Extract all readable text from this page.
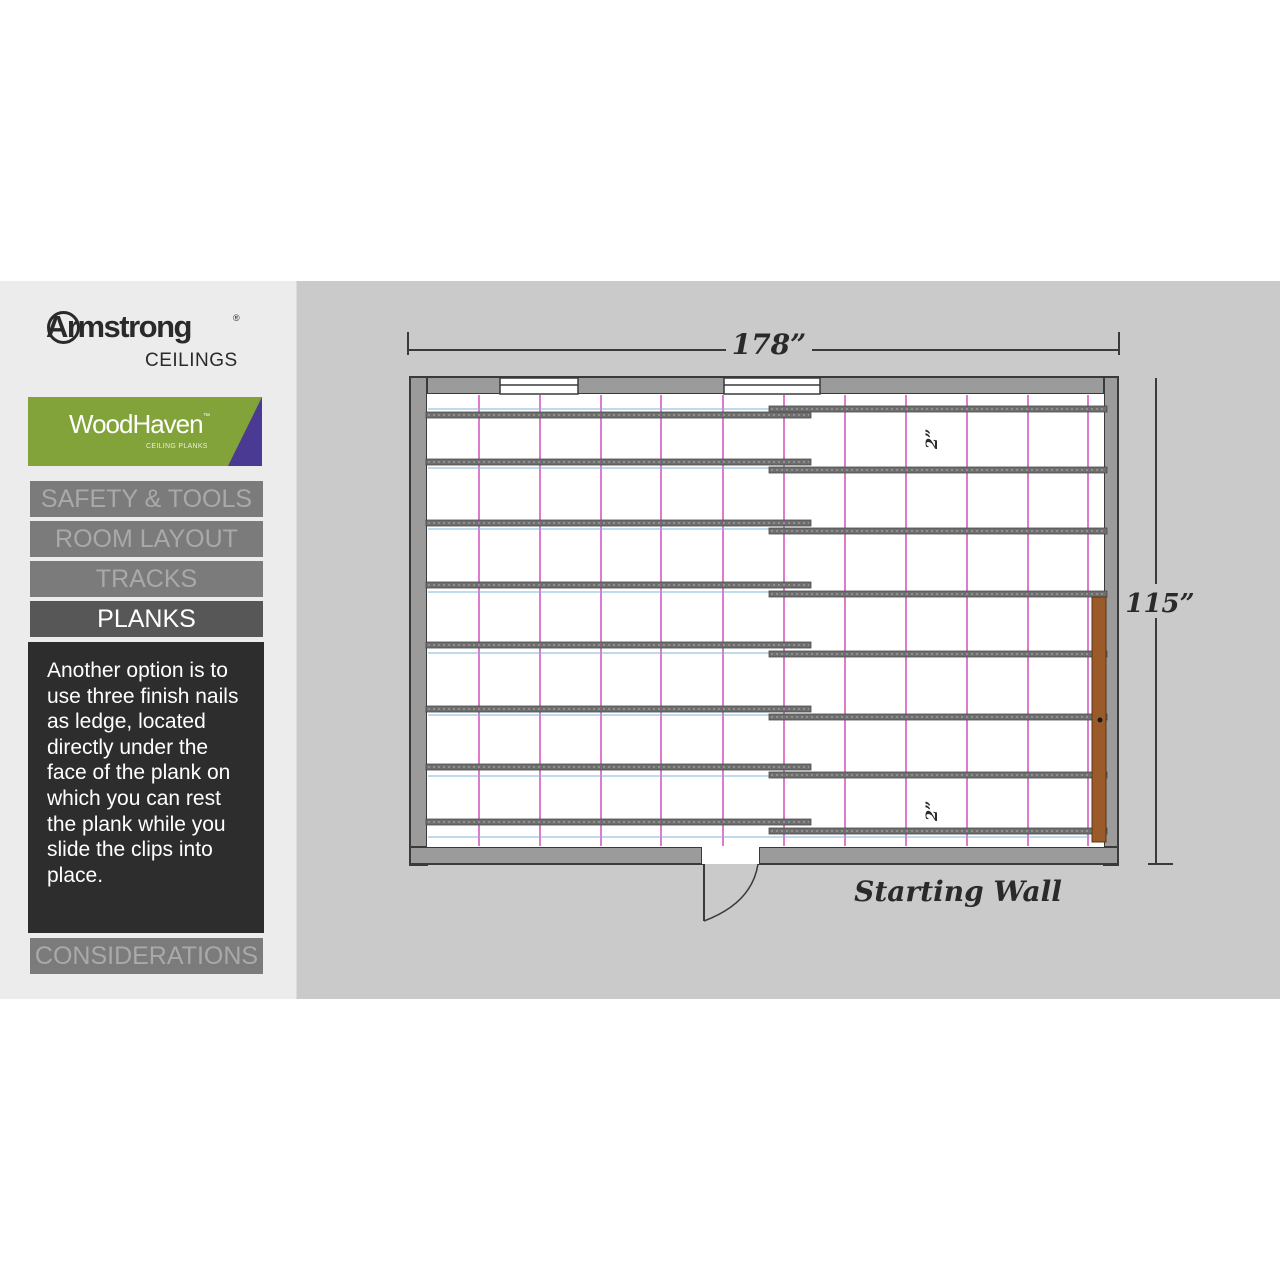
Armstrong	®
CEILINGS
WoodHaven ™
CEILING PLANKS
SAFETY & TOOLS
ROOM LAYOUT
TRACKS
PLANKS
Another option is to use three finish nails as ledge, located directly under the face of the plank on which you can rest the plank while you slide the clips into place.
CONSIDERATIONS
178”
115”
2”
2”
Starting Wall
